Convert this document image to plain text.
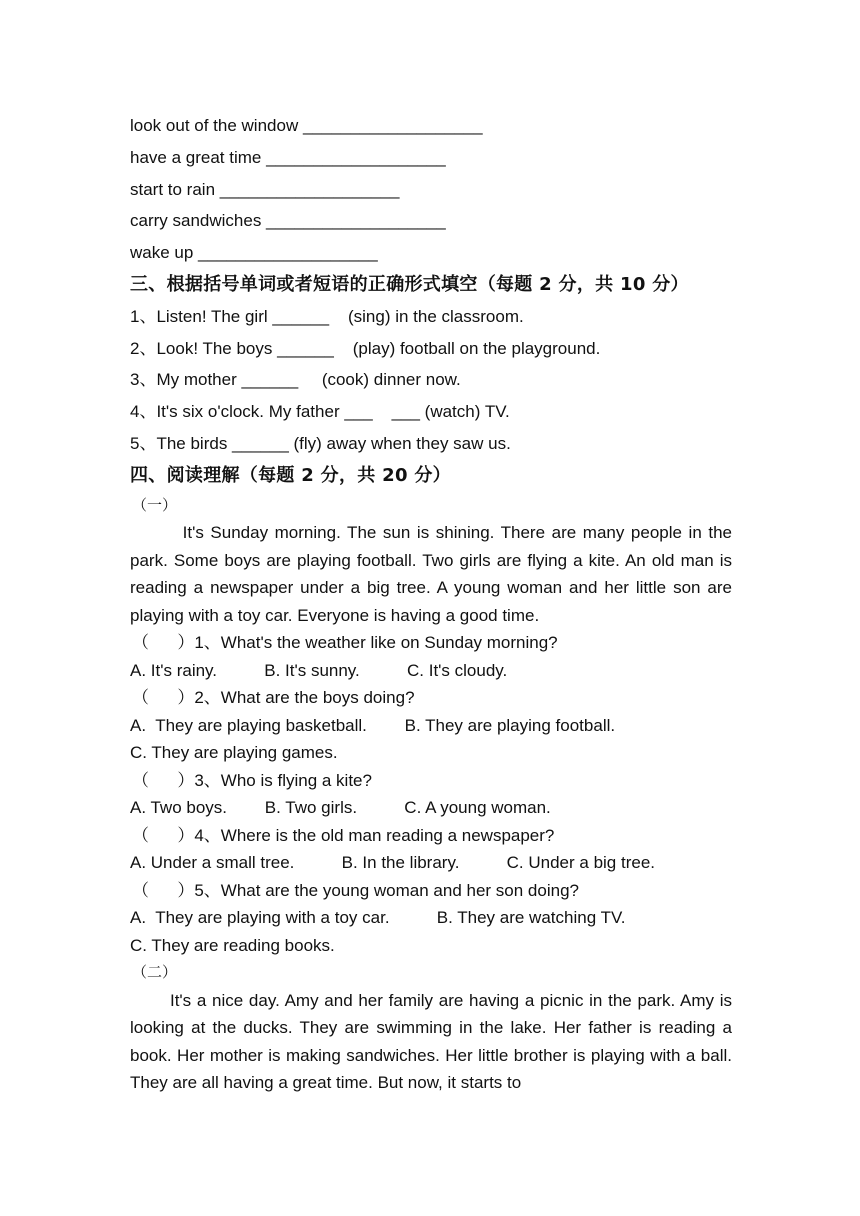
look out of the window ___________________
have a great time ___________________
start to rain ___________________
carry sandwiches ___________________
wake up ___________________
三、根据括号单词或者短语的正确形式填空（每题 2 分，共 10 分）
1、Listen! The girl ______    (sing) in the classroom.
2、Look! The boys ______    (play) football on the playground.
3、My mother ______     (cook) dinner now.
4、It's six o'clock. My father ___    ___ (watch) TV.
5、The birds ______ (fly) away when they saw us.
四、阅读理解（每题 2 分，共 20 分）
（一）
It's Sunday morning. The sun is shining. There are many people in the park. Some boys are playing football. Two girls are flying a kite. An old man is reading a newspaper under a big tree. A young woman and her little son are playing with a toy car. Everyone is having a good time.
（      ）1、What's the weather like on Sunday morning?
A. It's rainy.          B. It's sunny.          C. It's cloudy.
（      ）2、What are the boys doing?
A.  They are playing basketball.        B. They are playing football.
C. They are playing games.
（      ）3、Who is flying a kite?
A. Two boys.        B. Two girls.          C. A young woman.
（      ）4、Where is the old man reading a newspaper?
A. Under a small tree.          B. In the library.          C. Under a big tree.
（      ）5、What are the young woman and her son doing?
A.  They are playing with a toy car.          B. They are watching TV.
C. They are reading books.
（二）
It's a nice day. Amy and her family are having a picnic in the park. Amy is looking at the ducks. They are swimming in the lake. Her father is reading a book. Her mother is making sandwiches. Her little brother is playing with a ball. They are all having a great time. But now, it starts to
